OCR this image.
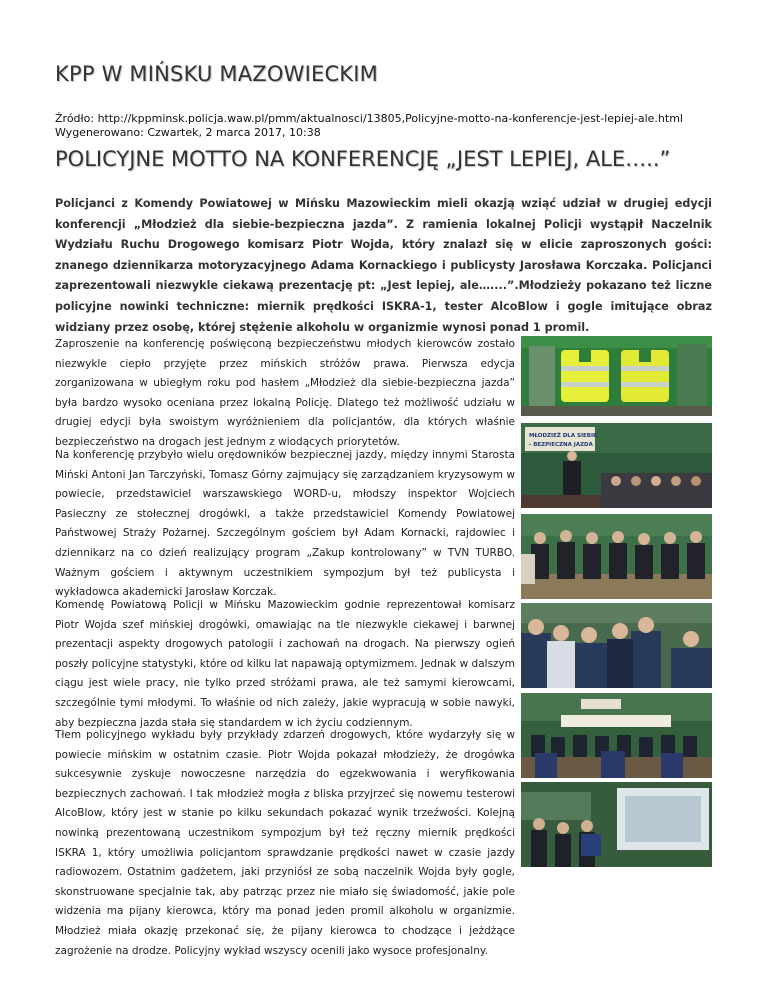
KPP W MIŃSKU MAZOWIECKIM
Źródło: http://kppminsk.policja.waw.pl/pmm/aktualnosci/13805,Policyjne-motto-na-konferencje-jest-lepiej-ale.html
Wygenerowano: Czwartek, 2 marca 2017, 10:38
POLICYJNE MOTTO NA KONFERENCJĘ „JEST LEPIEJ, ALE…..”
Policjanci z Komendy Powiatowej w Mińsku Mazowieckim mieli okazją wziąć udział w drugiej edycji konferencji „Młodzież dla siebie-bezpieczna jazda”. Z ramienia lokalnej Policji wystąpił Naczelnik Wydziału Ruchu Drogowego komisarz Piotr Wojda, który znalazł się w elicie zaproszonych gości: znanego dziennikarza motoryzacyjnego Adama Kornackiego i publicysty Jarosława Korczaka. Policjanci zaprezentowali niezwykle ciekawą prezentację pt: „Jest lepiej, ale…....”.Młodzieży pokazano też liczne policyjne nowinki techniczne: miernik prędkości ISKRA-1, tester AlcoBlow i gogle imitujące obraz widziany przez osobę, której stężenie alkoholu w organizmie wynosi ponad 1 promil.
Zaproszenie na konferencję poświęconą bezpieczeństwu młodych kierowców zostało niezwykle ciepło przyjęte przez mińskich stróżów prawa. Pierwsza edycja zorganizowana w ubiegłym roku pod hasłem „Młodzież dla siebie-bezpieczna jazda” była bardzo wysoko oceniana przez lokalną Policję. Dlatego też możliwość udziału w drugiej edycji była swoistym wyróżnieniem dla policjantów, dla których właśnie bezpieczeństwo na drogach jest jednym z wiodących priorytetów.
Na konferencję przybyło wielu orędowników bezpiecznej jazdy, między innymi Starosta Miński Antoni Jan Tarczyński, Tomasz Górny zajmujący się zarządzaniem kryzysowym w powiecie, przedstawiciel warszawskiego WORD-u, młodszy inspektor Wojciech Pasieczny ze stołecznej drogówki, a także przedstawiciel Komendy Powiatowej Państwowej Straży Pożarnej. Szczególnym gościem był Adam Kornacki, rajdowiec i dziennikarz na co dzień realizujący program „Zakup kontrolowany” w TVN TURBO. Ważnym gościem i aktywnym uczestnikiem sympozjum był też publicysta i wykładowca akademicki Jarosław Korczak.
Komendę Powiatową Policji w Mińsku Mazowieckim godnie reprezentował komisarz Piotr Wojda szef mińskiej drogówki, omawiając na tle niezwykle ciekawej i barwnej prezentacji aspekty drogowych patologii i zachowań na drogach. Na pierwszy ogień poszły policyjne statystyki, które od kilku lat napawają optymizmem. Jednak w dalszym ciągu jest wiele pracy, nie tylko przed stróżami prawa, ale też samymi kierowcami, szczególnie tymi młodymi. To właśnie od nich zależy, jakie wypracują w sobie nawyki, aby bezpieczna jazda stała się standardem w ich życiu codziennym.
Tłem policyjnego wykładu były przykłady zdarzeń drogowych, które wydarzyły się w powiecie mińskim w ostatnim czasie. Piotr Wojda pokazał młodzieży, że drogówka sukcesywnie zyskuje nowoczesne narzędzia do egzekwowania i weryfikowania bezpiecznych zachowań. I tak młodzież mogła z bliska przyjrzeć się nowemu testerowi AlcoBlow, który jest w stanie po kilku sekundach pokazać wynik trzeźwości. Kolejną nowinką prezentowaną uczestnikom sympozjum był też ręczny miernik prędkości ISKRA 1, który umożliwia policjantom sprawdzanie prędkości nawet w czasie jazdy radiowozem. Ostatnim gadżetem, jaki przyniósł ze sobą naczelnik Wojda były gogle, skonstruowane specjalnie tak, aby patrząc przez nie miało się świadomość, jakie pole widzenia ma pijany kierowca, który ma ponad jeden promil alkoholu w organizmie. Młodzież miała okazję przekonać się, że pijany kierowca to chodzące i jeżdżące zagrożenie na drodze. Policyjny wykład wszyscy ocenili jako wysoce profesjonalny.
MŁODZIEŻ DLA SIEBIE
- BEZPIECZNA JAZDA
